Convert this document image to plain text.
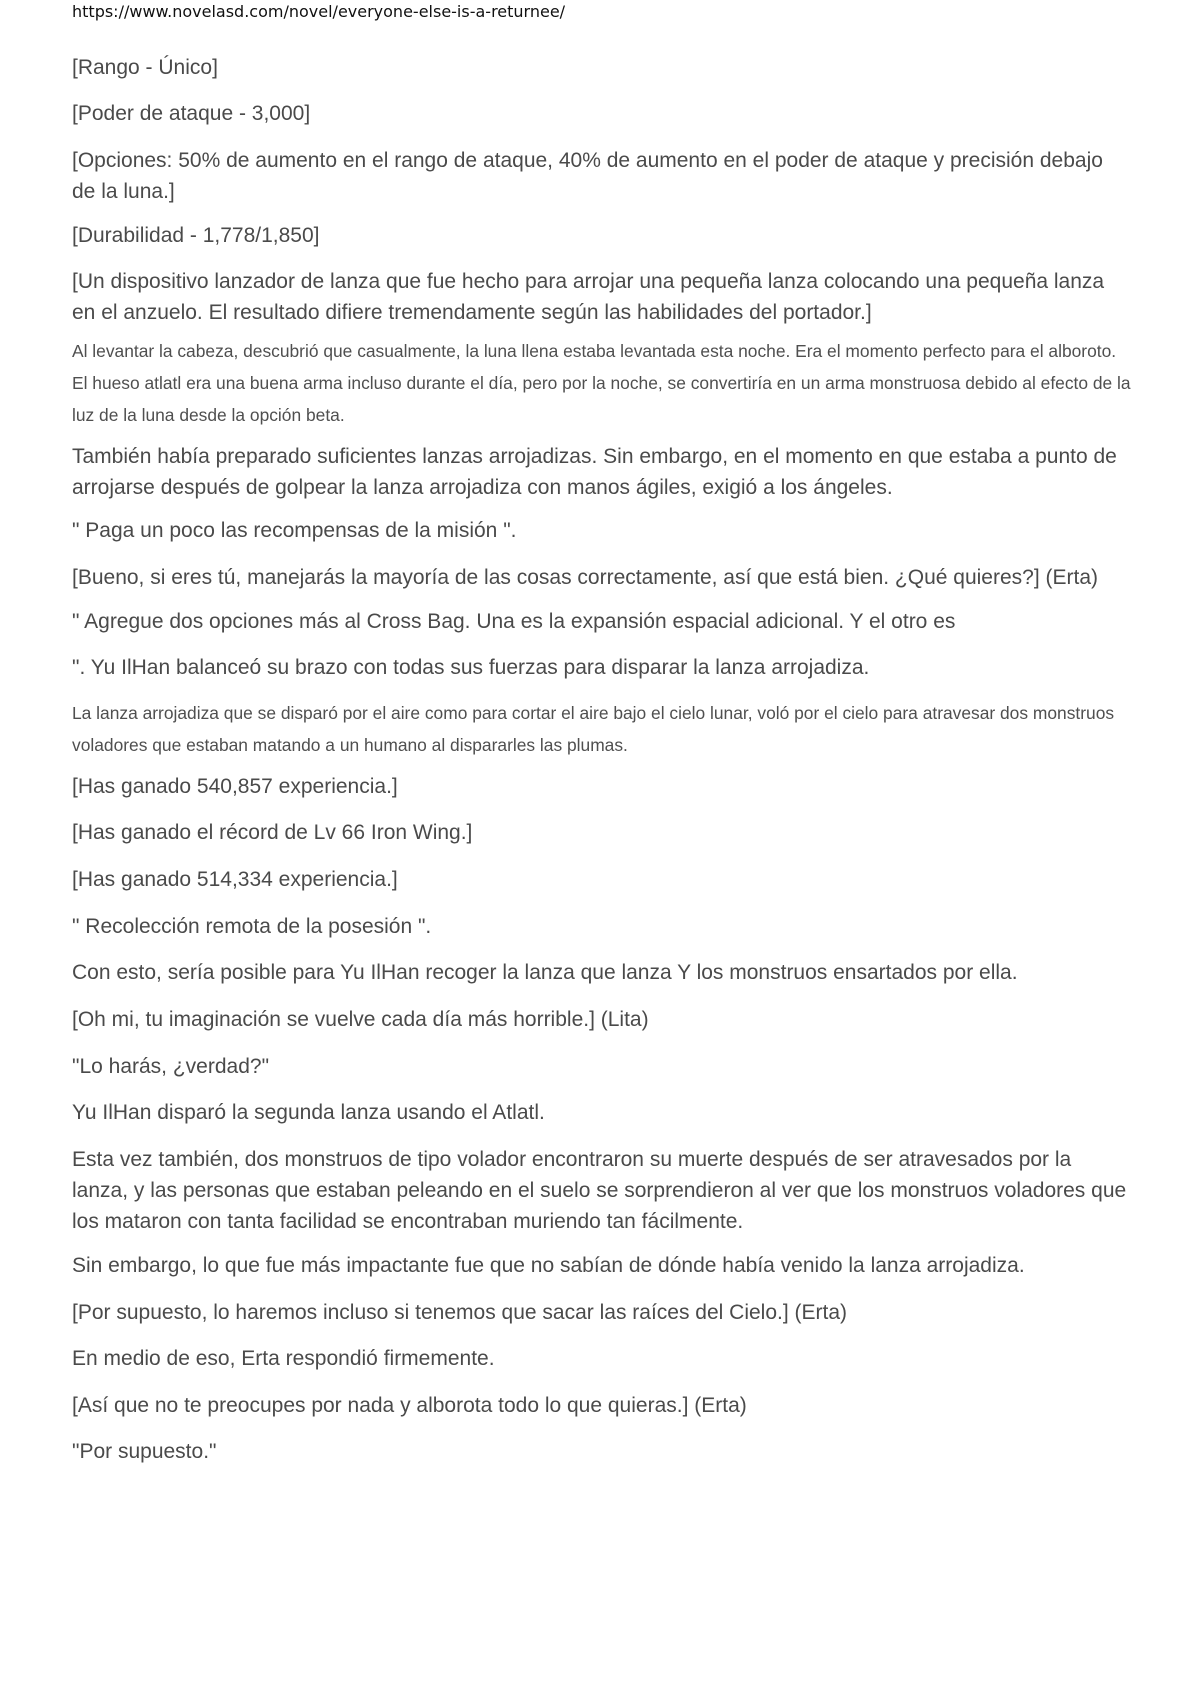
https://www.novelasd.com/novel/everyone-else-is-a-returnee/

[Rango - Único]

[Poder de ataque - 3,000]

[Opciones: 50% de aumento en el rango de ataque, 40% de aumento en el poder de ataque y precisión debajo de la luna.]

[Durabilidad - 1,778/1,850]

[Un dispositivo lanzador de lanza que fue hecho para arrojar una pequeña lanza colocando una pequeña lanza en el anzuelo. El resultado difiere tremendamente según las habilidades del portador.]

Al levantar la cabeza, descubrió que casualmente, la luna llena estaba levantada esta noche. Era el momento perfecto para el alboroto. El hueso atlatl era una buena arma incluso durante el día, pero por la noche, se convertiría en un arma monstruosa debido al efecto de la luz de la luna desde la opción beta.

También había preparado suficientes lanzas arrojadizas. Sin embargo, en el momento en que estaba a punto de arrojarse después de golpear la lanza arrojadiza con manos ágiles, exigió a los ángeles.

" Paga un poco las recompensas de la misión ".

[Bueno, si eres tú, manejarás la mayoría de las cosas correctamente, así que está bien. ¿Qué quieres?] (Erta)

" Agregue dos opciones más al Cross Bag. Una es la expansión espacial adicional. Y el otro es

". Yu IlHan balanceó su brazo con todas sus fuerzas para disparar la lanza arrojadiza.

La lanza arrojadiza que se disparó por el aire como para cortar el aire bajo el cielo lunar, voló por el cielo para atravesar dos monstruos voladores que estaban matando a un humano al dispararles las plumas.

[Has ganado 540,857 experiencia.]

[Has ganado el récord de Lv 66 Iron Wing.]

[Has ganado 514,334 experiencia.]

" Recolección remota de la posesión ".

Con esto, sería posible para Yu IlHan recoger la lanza que lanza Y los monstruos ensartados por ella.

[Oh mi, tu imaginación se vuelve cada día más horrible.] (Lita)

"Lo harás, ¿verdad?"

Yu IlHan disparó la segunda lanza usando el Atlatl.

Esta vez también, dos monstruos de tipo volador encontraron su muerte después de ser atravesados por la lanza, y las personas que estaban peleando en el suelo se sorprendieron al ver que los monstruos voladores que los mataron con tanta facilidad se encontraban muriendo tan fácilmente.

Sin embargo, lo que fue más impactante fue que no sabían de dónde había venido la lanza arrojadiza.

[Por supuesto, lo haremos incluso si tenemos que sacar las raíces del Cielo.] (Erta)

En medio de eso, Erta respondió firmemente.

[Así que no te preocupes por nada y alborota todo lo que quieras.] (Erta)

"Por supuesto."
